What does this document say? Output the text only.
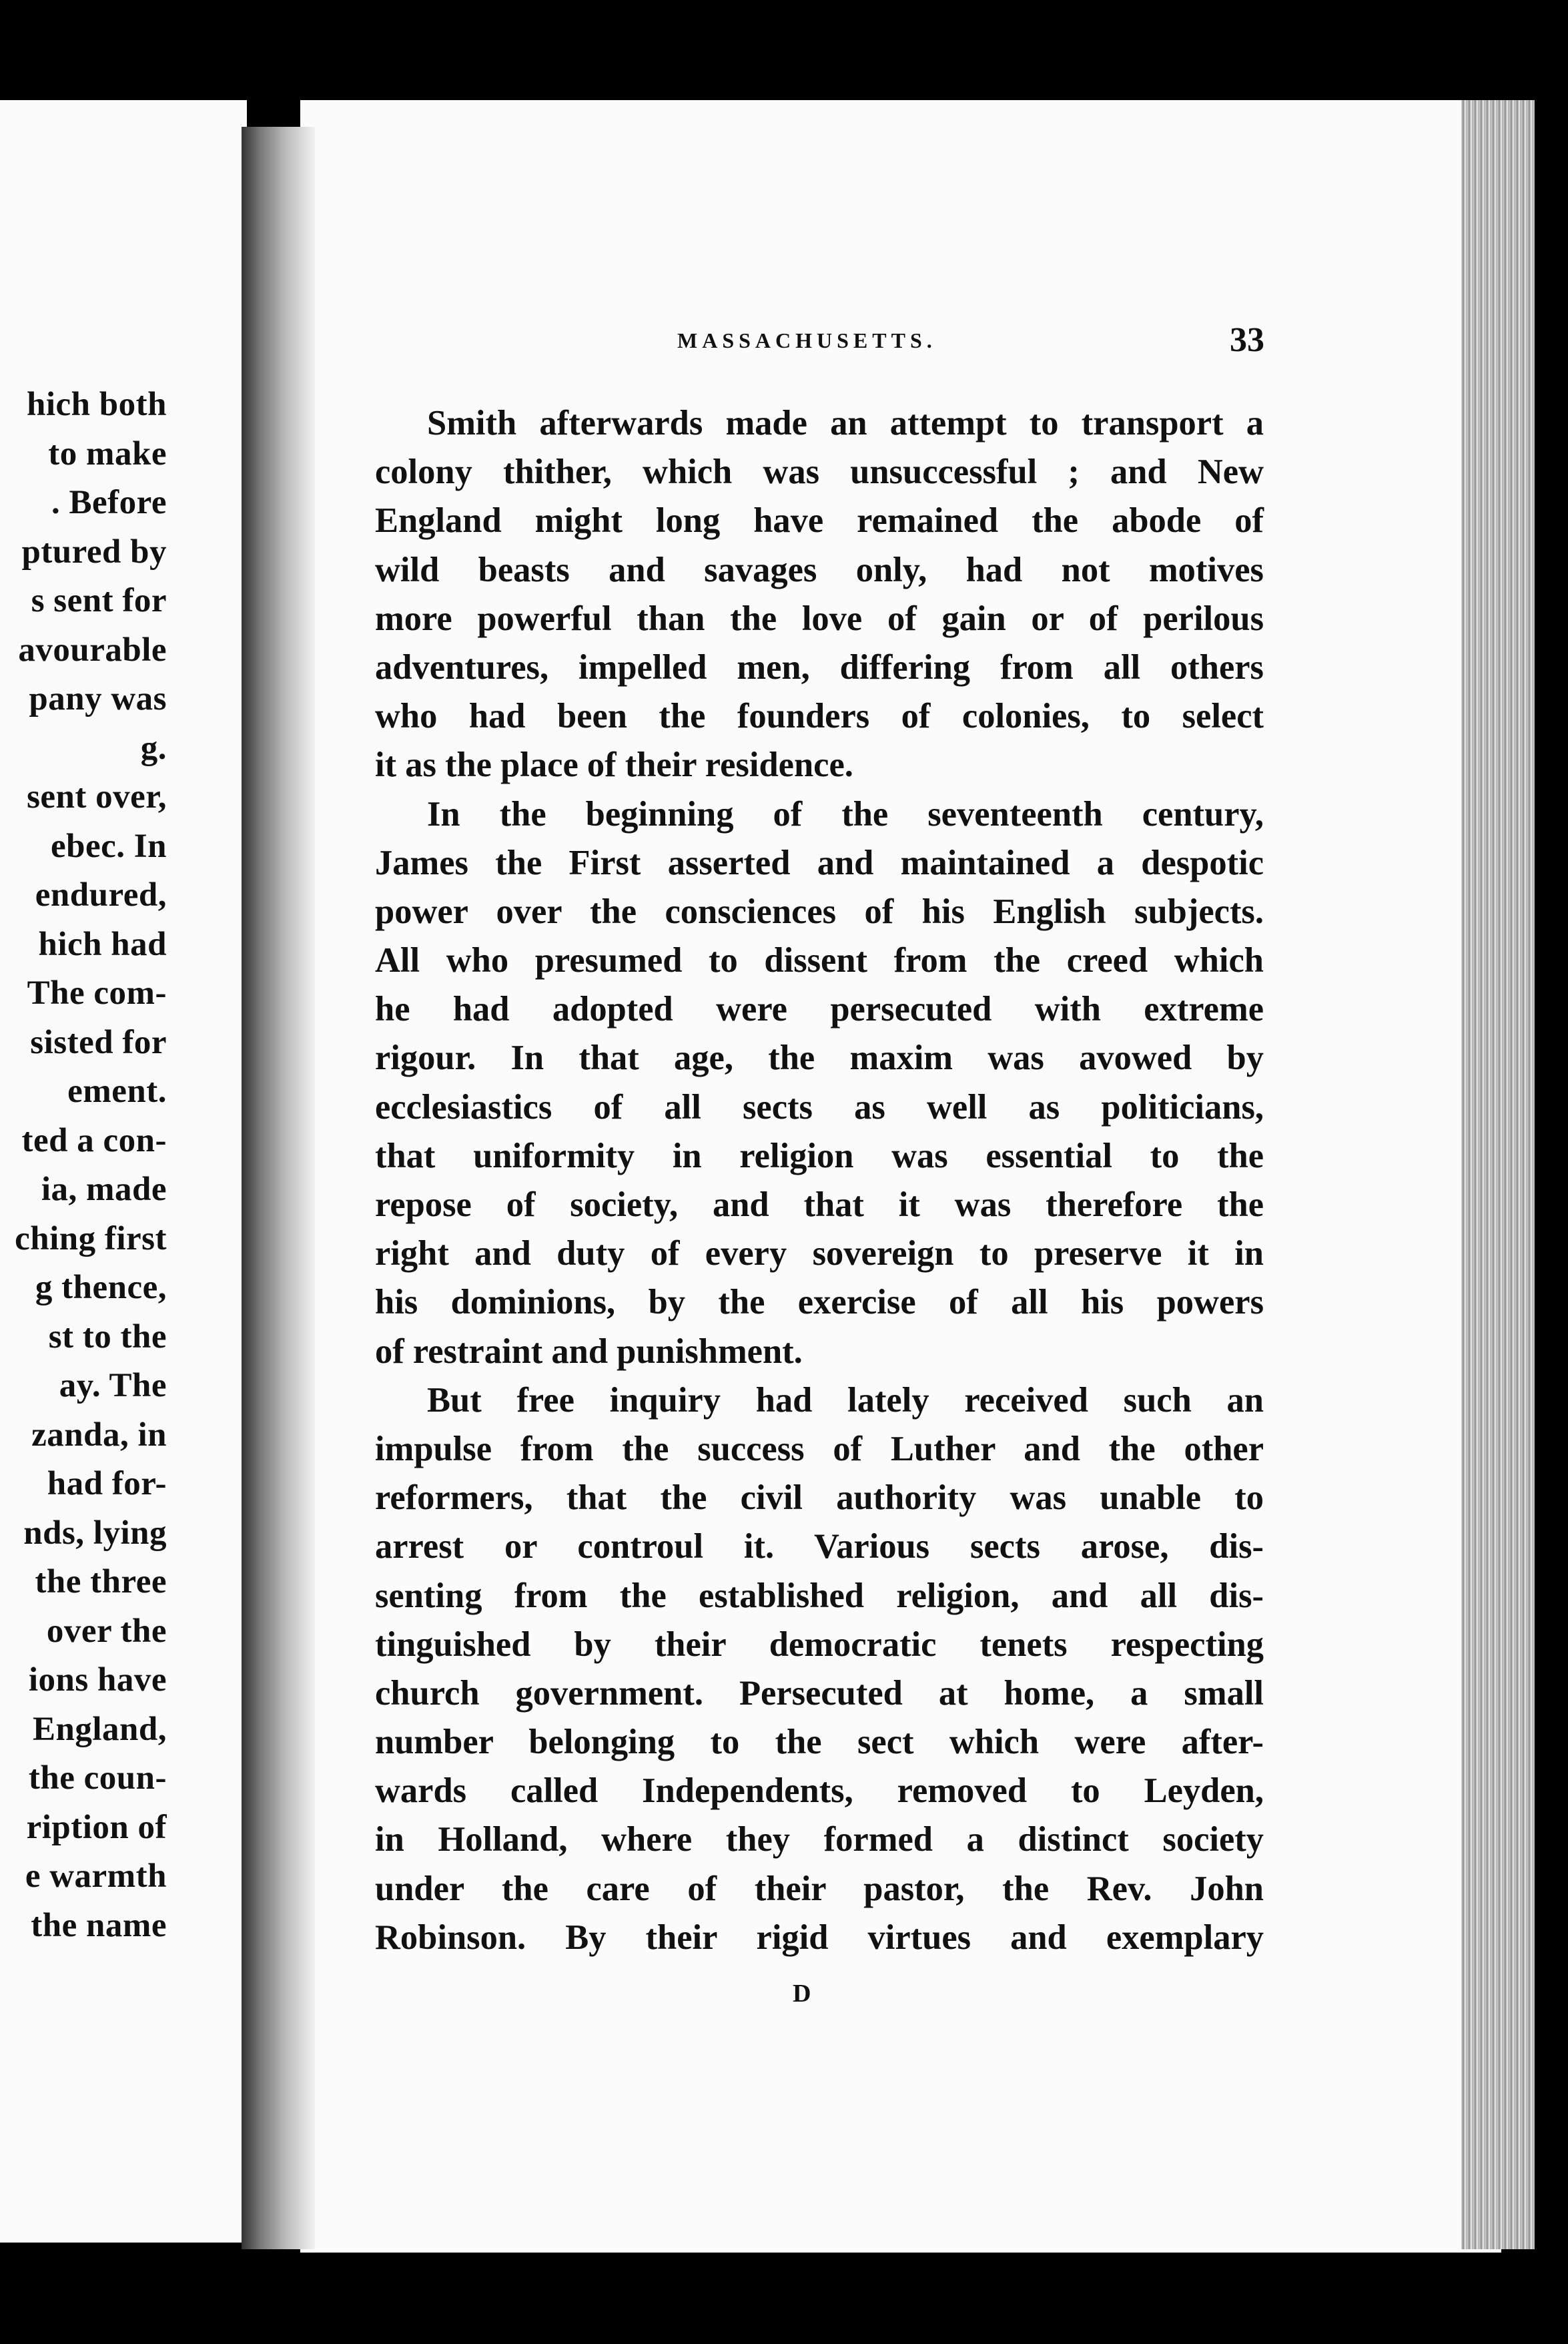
hich both
to make
. Before
ptured by
s sent for
avourable
pany was
g.
sent over,
ebec. In
endured,
hich had
The com-
sisted for
ement.
ted a con-
ia, made
ching first
g thence,
st to the
ay. The
zanda, in
had for-
nds, lying
the three
over the
ions have
England,
the coun-
ription of
e warmth
the name
MASSACHUSETTS.	33
Smith afterwards made an attempt to transport a
colony thither, which was unsuccessful ; and New
England might long have remained the abode of
wild beasts and savages only, had not motives
more powerful than the love of gain or of perilous
adventures, impelled men, differing from all others
who had been the founders of colonies, to select
it as the place of their residence.
In the beginning of the seventeenth century,
James the First asserted and maintained a despotic
power over the consciences of his English subjects.
All who presumed to dissent from the creed which
he had adopted were persecuted with extreme
rigour. In that age, the maxim was avowed by
ecclesiastics of all sects as well as politicians,
that uniformity in religion was essential to the
repose of society, and that it was therefore the
right and duty of every sovereign to preserve it in
his dominions, by the exercise of all his powers
of restraint and punishment.
But free inquiry had lately received such an
impulse from the success of Luther and the other
reformers, that the civil authority was unable to
arrest or controul it. Various sects arose, dis-
senting from the established religion, and all dis-
tinguished by their democratic tenets respecting
church government. Persecuted at home, a small
number belonging to the sect which were after-
wards called Independents, removed to Leyden,
in Holland, where they formed a distinct society
under the care of their pastor, the Rev. John
Robinson. By their rigid virtues and exemplary
D
